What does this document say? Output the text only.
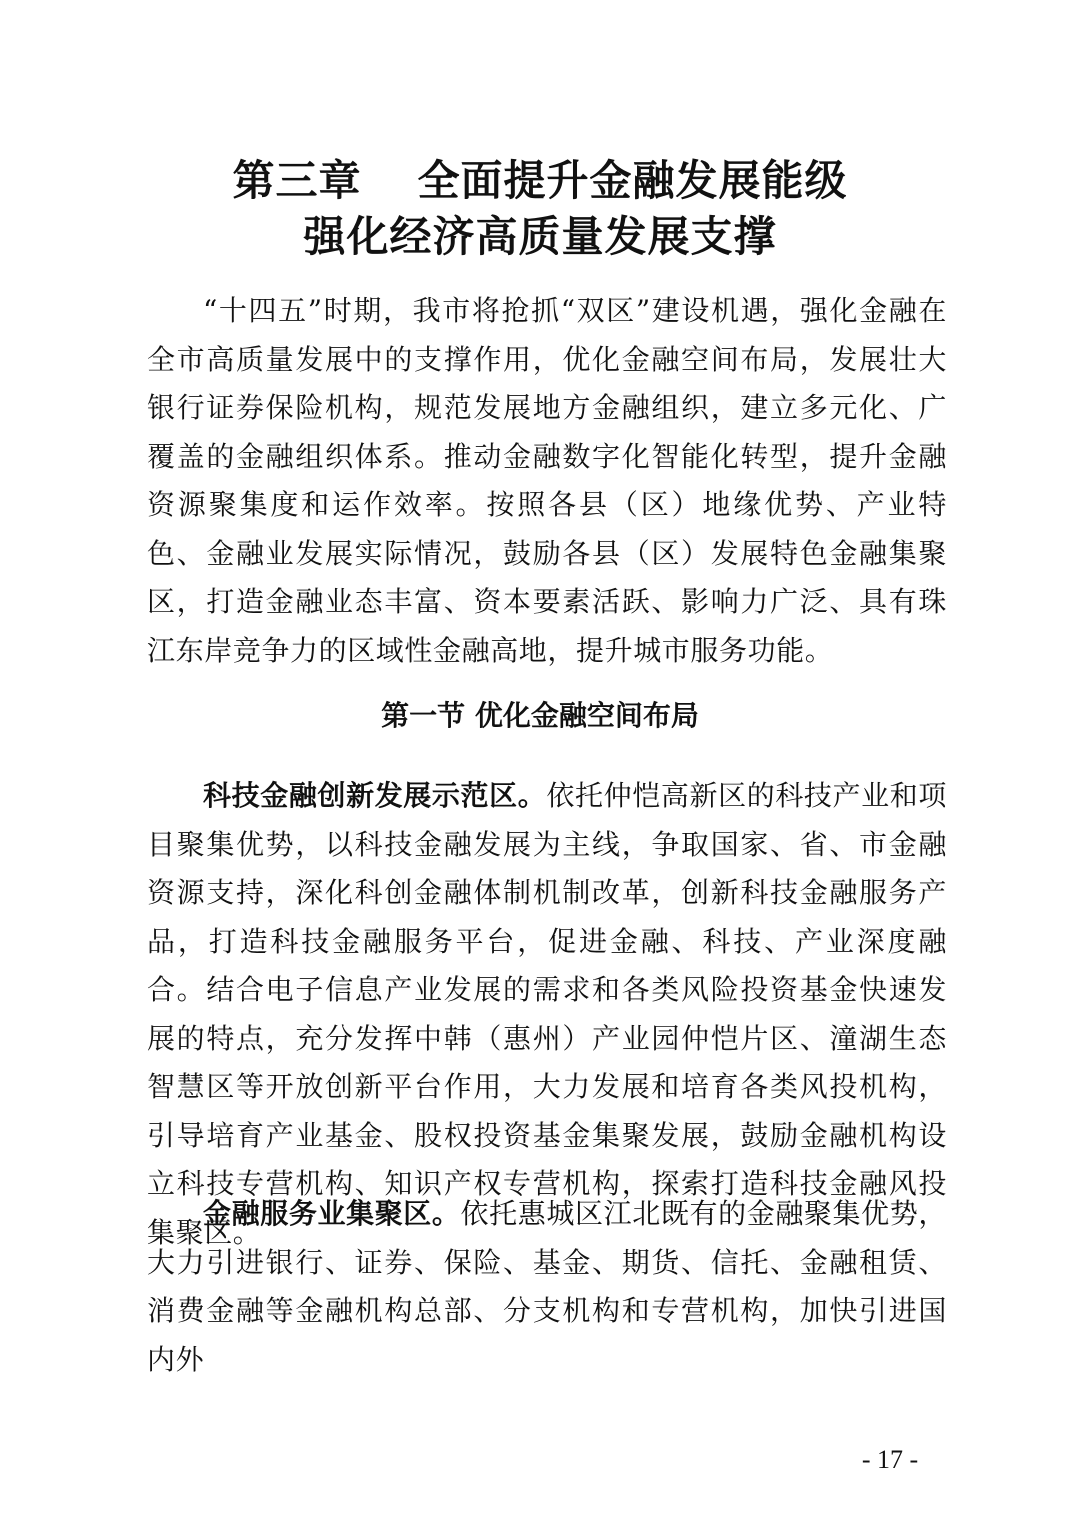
第三章 全面提升金融发展能级
强化经济高质量发展支撑

“十四五”时期，我市将抢抓“双区”建设机遇，强化金融在全市高质量发展中的支撑作用，优化金融空间布局，发展壮大银行证券保险机构，规范发展地方金融组织，建立多元化、广覆盖的金融组织体系。推动金融数字化智能化转型，提升金融资源聚集度和运作效率。按照各县（区）地缘优势、产业特色、金融业发展实际情况，鼓励各县（区）发展特色金融集聚区，打造金融业态丰富、资本要素活跃、影响力广泛、具有珠江东岸竞争力的区域性金融高地，提升城市服务功能。

第一节 优化金融空间布局

科技金融创新发展示范区。依托仲恺高新区的科技产业和项目聚集优势，以科技金融发展为主线，争取国家、省、市金融资源支持，深化科创金融体制机制改革，创新科技金融服务产品，打造科技金融服务平台，促进金融、科技、产业深度融合。结合电子信息产业发展的需求和各类风险投资基金快速发展的特点，充分发挥中韩（惠州）产业园仲恺片区、潼湖生态智慧区等开放创新平台作用，大力发展和培育各类风投机构，引导培育产业基金、股权投资基金集聚发展，鼓励金融机构设立科技专营机构、知识产权专营机构，探索打造科技金融风投集聚区。

金融服务业集聚区。依托惠城区江北既有的金融聚集优势，大力引进银行、证券、保险、基金、期货、信托、金融租赁、消费金融等金融机构总部、分支机构和专营机构，加快引进国内外

- 17 -
